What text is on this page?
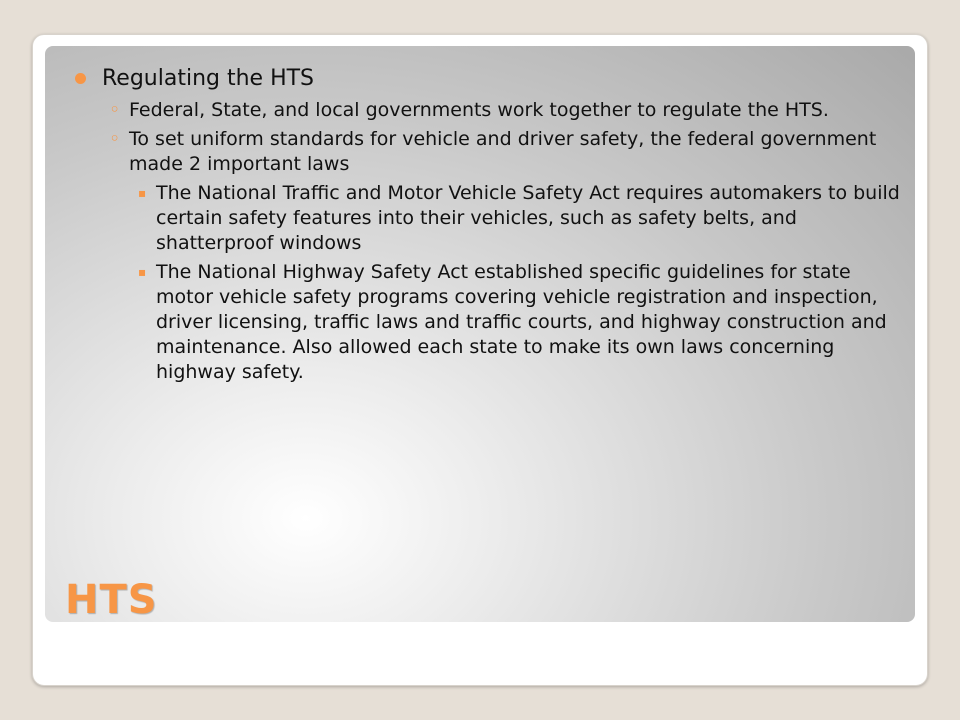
Regulating the HTS
◦ Federal, State, and local governments work together to regulate the HTS.
◦ To set uniform standards for vehicle and driver safety, the federal government made 2 important laws
▪ The National Traffic and Motor Vehicle Safety Act requires automakers to build certain safety features into their vehicles, such as safety belts, and shatterproof windows
▪ The National Highway Safety Act established specific guidelines for state motor vehicle safety programs covering vehicle registration and inspection, driver licensing, traffic laws and traffic courts, and highway construction and maintenance. Also allowed each state to make its own laws concerning highway safety.
HTS
